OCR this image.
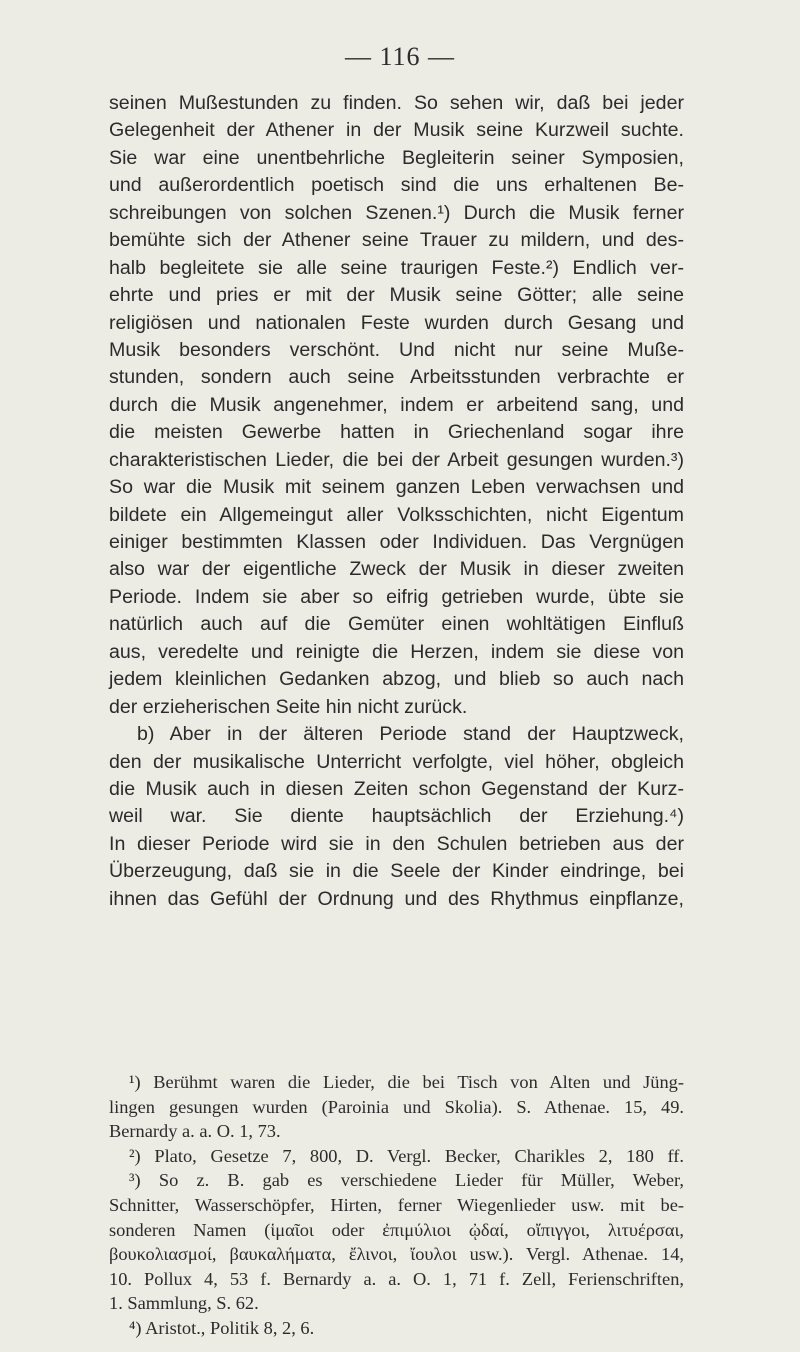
— 116 —
seinen Mußestunden zu finden. So sehen wir, daß bei jeder
Gelegenheit der Athener in der Musik seine Kurzweil suchte.
Sie war eine unentbehrliche Begleiterin seiner Symposien,
und außerordentlich poetisch sind die uns erhaltenen Be-
schreibungen von solchen Szenen.¹) Durch die Musik ferner
bemühte sich der Athener seine Trauer zu mildern, und des-
halb begleitete sie alle seine traurigen Feste.²) Endlich ver-
ehrte und pries er mit der Musik seine Götter; alle seine
religiösen und nationalen Feste wurden durch Gesang und
Musik besonders verschönt. Und nicht nur seine Muße-
stunden, sondern auch seine Arbeitsstunden verbrachte er
durch die Musik angenehmer, indem er arbeitend sang, und
die meisten Gewerbe hatten in Griechenland sogar ihre
charakteristischen Lieder, die bei der Arbeit gesungen wurden.³)
So war die Musik mit seinem ganzen Leben verwachsen und
bildete ein Allgemeingut aller Volksschichten, nicht Eigentum
einiger bestimmten Klassen oder Individuen. Das Vergnügen
also war der eigentliche Zweck der Musik in dieser zweiten
Periode. Indem sie aber so eifrig getrieben wurde, übte sie
natürlich auch auf die Gemüter einen wohltätigen Einfluß
aus, veredelte und reinigte die Herzen, indem sie diese von
jedem kleinlichen Gedanken abzog, und blieb so auch nach
der erzieherischen Seite hin nicht zurück.
b) Aber in der älteren Periode stand der Hauptzweck,
den der musikalische Unterricht verfolgte, viel höher, obgleich
die Musik auch in diesen Zeiten schon Gegenstand der Kurz-
weil war. Sie diente hauptsächlich der Erziehung.⁴)
In dieser Periode wird sie in den Schulen betrieben aus der
Überzeugung, daß sie in die Seele der Kinder eindringe, bei
ihnen das Gefühl der Ordnung und des Rhythmus einpflanze,
¹) Berühmt waren die Lieder, die bei Tisch von Alten und Jüng-
lingen gesungen wurden (Paroinia und Skolia). S. Athenae. 15, 49.
Bernardy a. a. O. 1, 73.
²) Plato, Gesetze 7, 800, D. Vergl. Becker, Charikles 2, 180 ff.
³) So z. B. gab es verschiedene Lieder für Müller, Weber,
Schnitter, Wasserschöpfer, Hirten, ferner Wiegenlieder usw. mit be-
sonderen Namen (ἱμαῖοι oder ἐπιμύλιοι ᾠδαί, οἴπιγγοι, λιτυέρσαι,
βουκολιασμοί, βαυκαλήματα, ἔλινοι, ἴουλοι usw.). Vergl. Athenae. 14,
10. Pollux 4, 53 f. Bernardy a. a. O. 1, 71 f. Zell, Ferienschriften,
1. Sammlung, S. 62.
⁴) Aristot., Politik 8, 2, 6.
